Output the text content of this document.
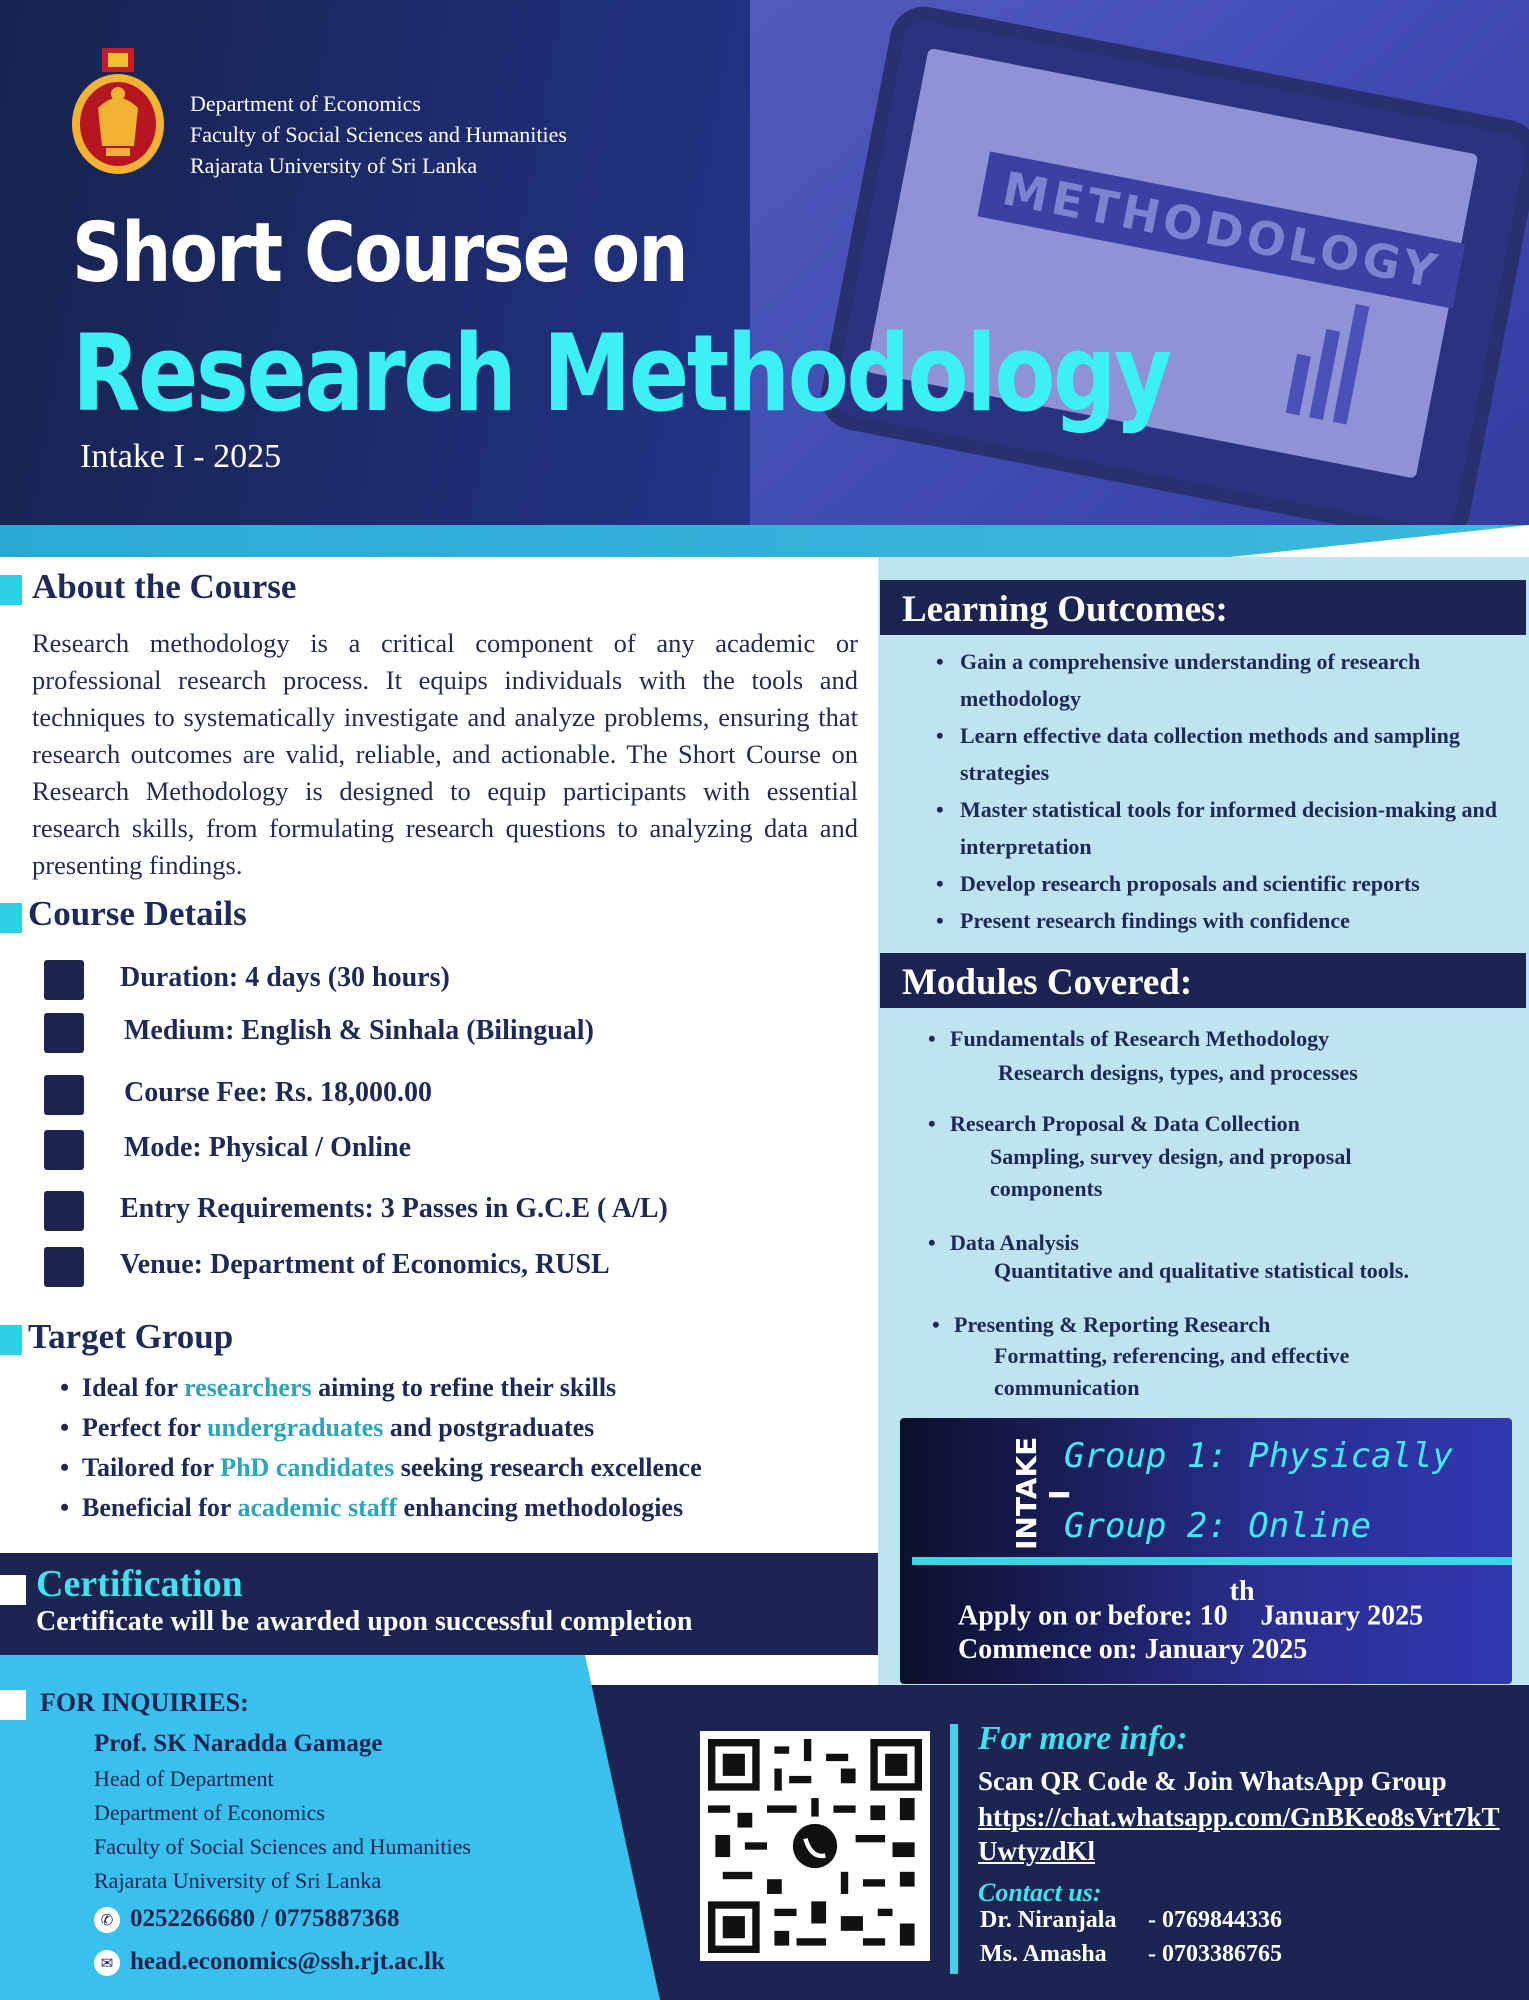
METHODOLOGY
Department of Economics
Faculty of Social Sciences and Humanities
Rajarata University of Sri Lanka
Short Course on
Research Methodology
Intake I - 2025
About the Course
Research methodology is a critical component of any academic or professional research process. It equips individuals with the tools and techniques to systematically investigate and analyze problems, ensuring that research outcomes are valid, reliable, and actionable. The Short Course on Research Methodology is designed to equip participants with essential research skills, from formulating research questions to analyzing data and presenting findings.
Course Details
Duration: 4 days (30 hours)
Medium: English & Sinhala (Bilingual)
Course Fee: Rs. 18,000.00
Mode: Physical / Online
Entry Requirements: 3 Passes in G.C.E ( A/L)
Venue: Department of Economics, RUSL
Target Group
• Ideal for researchers aiming to refine their skills
• Perfect for undergraduates and postgraduates
• Tailored for PhD candidates seeking research excellence
• Beneficial for academic staff enhancing methodologies
Certification
Certificate will be awarded upon successful completion
Learning Outcomes:
• Gain a comprehensive understanding of research methodology
• Learn effective data collection methods and sampling strategies
• Master statistical tools for informed decision-making and interpretation
• Develop research proposals and scientific reports
• Present research findings with confidence
Modules Covered:
• Fundamentals of Research Methodology
Research designs, types, and processes
• Research Proposal & Data Collection
Sampling, survey design, and proposal components
• Data Analysis
Quantitative and qualitative statistical tools.
• Presenting & Reporting Research
Formatting, referencing, and effective communication
INTAKE I
Group 1: Physically
Group 2: Online
Apply on or before: 10thJanuary 2025
Commence on: January 2025
FOR INQUIRIES:
Prof. SK Naradda Gamage
Head of Department
Department of Economics
Faculty of Social Sciences and Humanities
Rajarata University of Sri Lanka
✆ 0252266680 / 0775887368
✉ head.economics@ssh.rjt.ac.lk
For more info:
Scan QR Code & Join WhatsApp Group
https://chat.whatsapp.com/GnBKeo8sVrt7kTUwtyzdKl
Contact us:
Dr. Niranjala - 0769844336
Ms. Amasha - 0703386765
